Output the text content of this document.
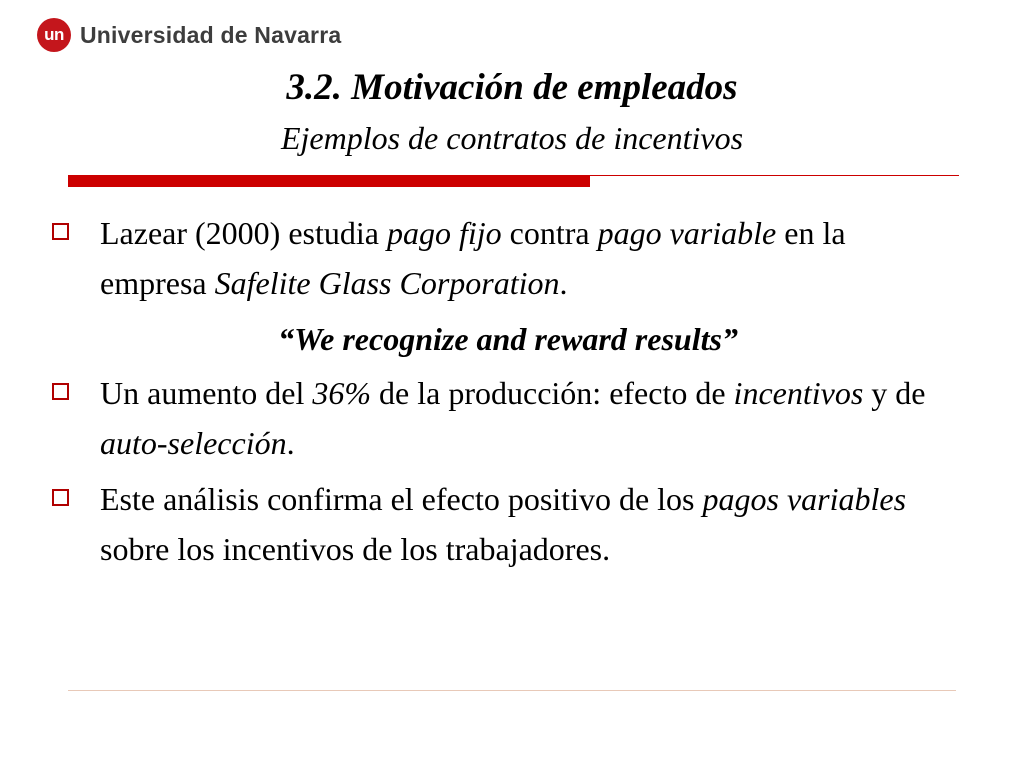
un Universidad de Navarra
3.2. Motivación de empleados
Ejemplos de contratos de incentivos
Lazear (2000) estudia pago fijo contra pago variable en la empresa Safelite Glass Corporation.
“We recognize and reward results”
Un aumento del 36% de la producción: efecto de incentivos y de auto-selección.
Este análisis confirma el efecto positivo de los pagos variables sobre los incentivos de los trabajadores.
